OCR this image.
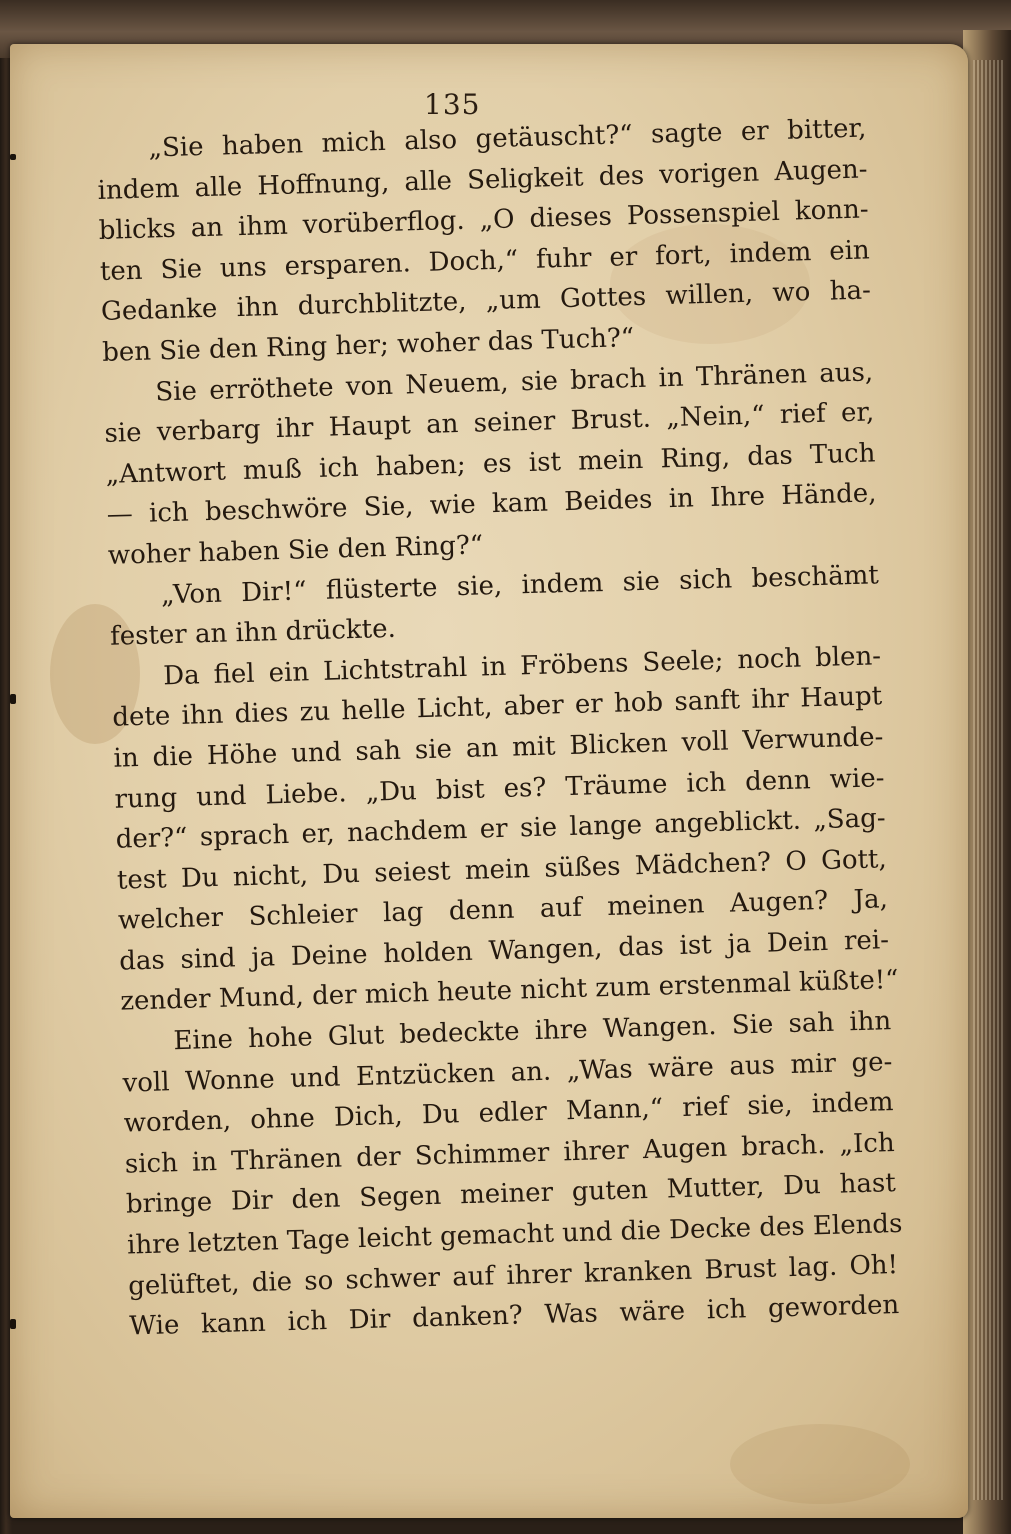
135
„Sie haben mich also getäuscht?“ sagte er bitter,
indem alle Hoffnung, alle Seligkeit des vorigen Augen-
blicks an ihm vorüberflog. „O dieses Possenspiel konn-
ten Sie uns ersparen. Doch,“ fuhr er fort, indem ein
Gedanke ihn durchblitzte, „um Gottes willen, wo ha-
ben Sie den Ring her; woher das Tuch?“
Sie erröthete von Neuem, sie brach in Thränen aus,
sie verbarg ihr Haupt an seiner Brust. „Nein,“ rief er,
„Antwort muß ich haben; es ist mein Ring, das Tuch
— ich beschwöre Sie, wie kam Beides in Ihre Hände,
woher haben Sie den Ring?“
„Von Dir!“ flüsterte sie, indem sie sich beschämt
fester an ihn drückte.
Da fiel ein Lichtstrahl in Fröbens Seele; noch blen-
dete ihn dies zu helle Licht, aber er hob sanft ihr Haupt
in die Höhe und sah sie an mit Blicken voll Verwunde-
rung und Liebe. „Du bist es? Träume ich denn wie-
der?“ sprach er, nachdem er sie lange angeblickt. „Sag-
test Du nicht, Du seiest mein süßes Mädchen? O Gott,
welcher Schleier lag denn auf meinen Augen? Ja,
das sind ja Deine holden Wangen, das ist ja Dein rei-
zender Mund, der mich heute nicht zum erstenmal küßte!“
Eine hohe Glut bedeckte ihre Wangen. Sie sah ihn
voll Wonne und Entzücken an. „Was wäre aus mir ge-
worden, ohne Dich, Du edler Mann,“ rief sie, indem
sich in Thränen der Schimmer ihrer Augen brach. „Ich
bringe Dir den Segen meiner guten Mutter, Du hast
ihre letzten Tage leicht gemacht und die Decke des Elends
gelüftet, die so schwer auf ihrer kranken Brust lag. Oh!
Wie kann ich Dir danken? Was wäre ich geworden
